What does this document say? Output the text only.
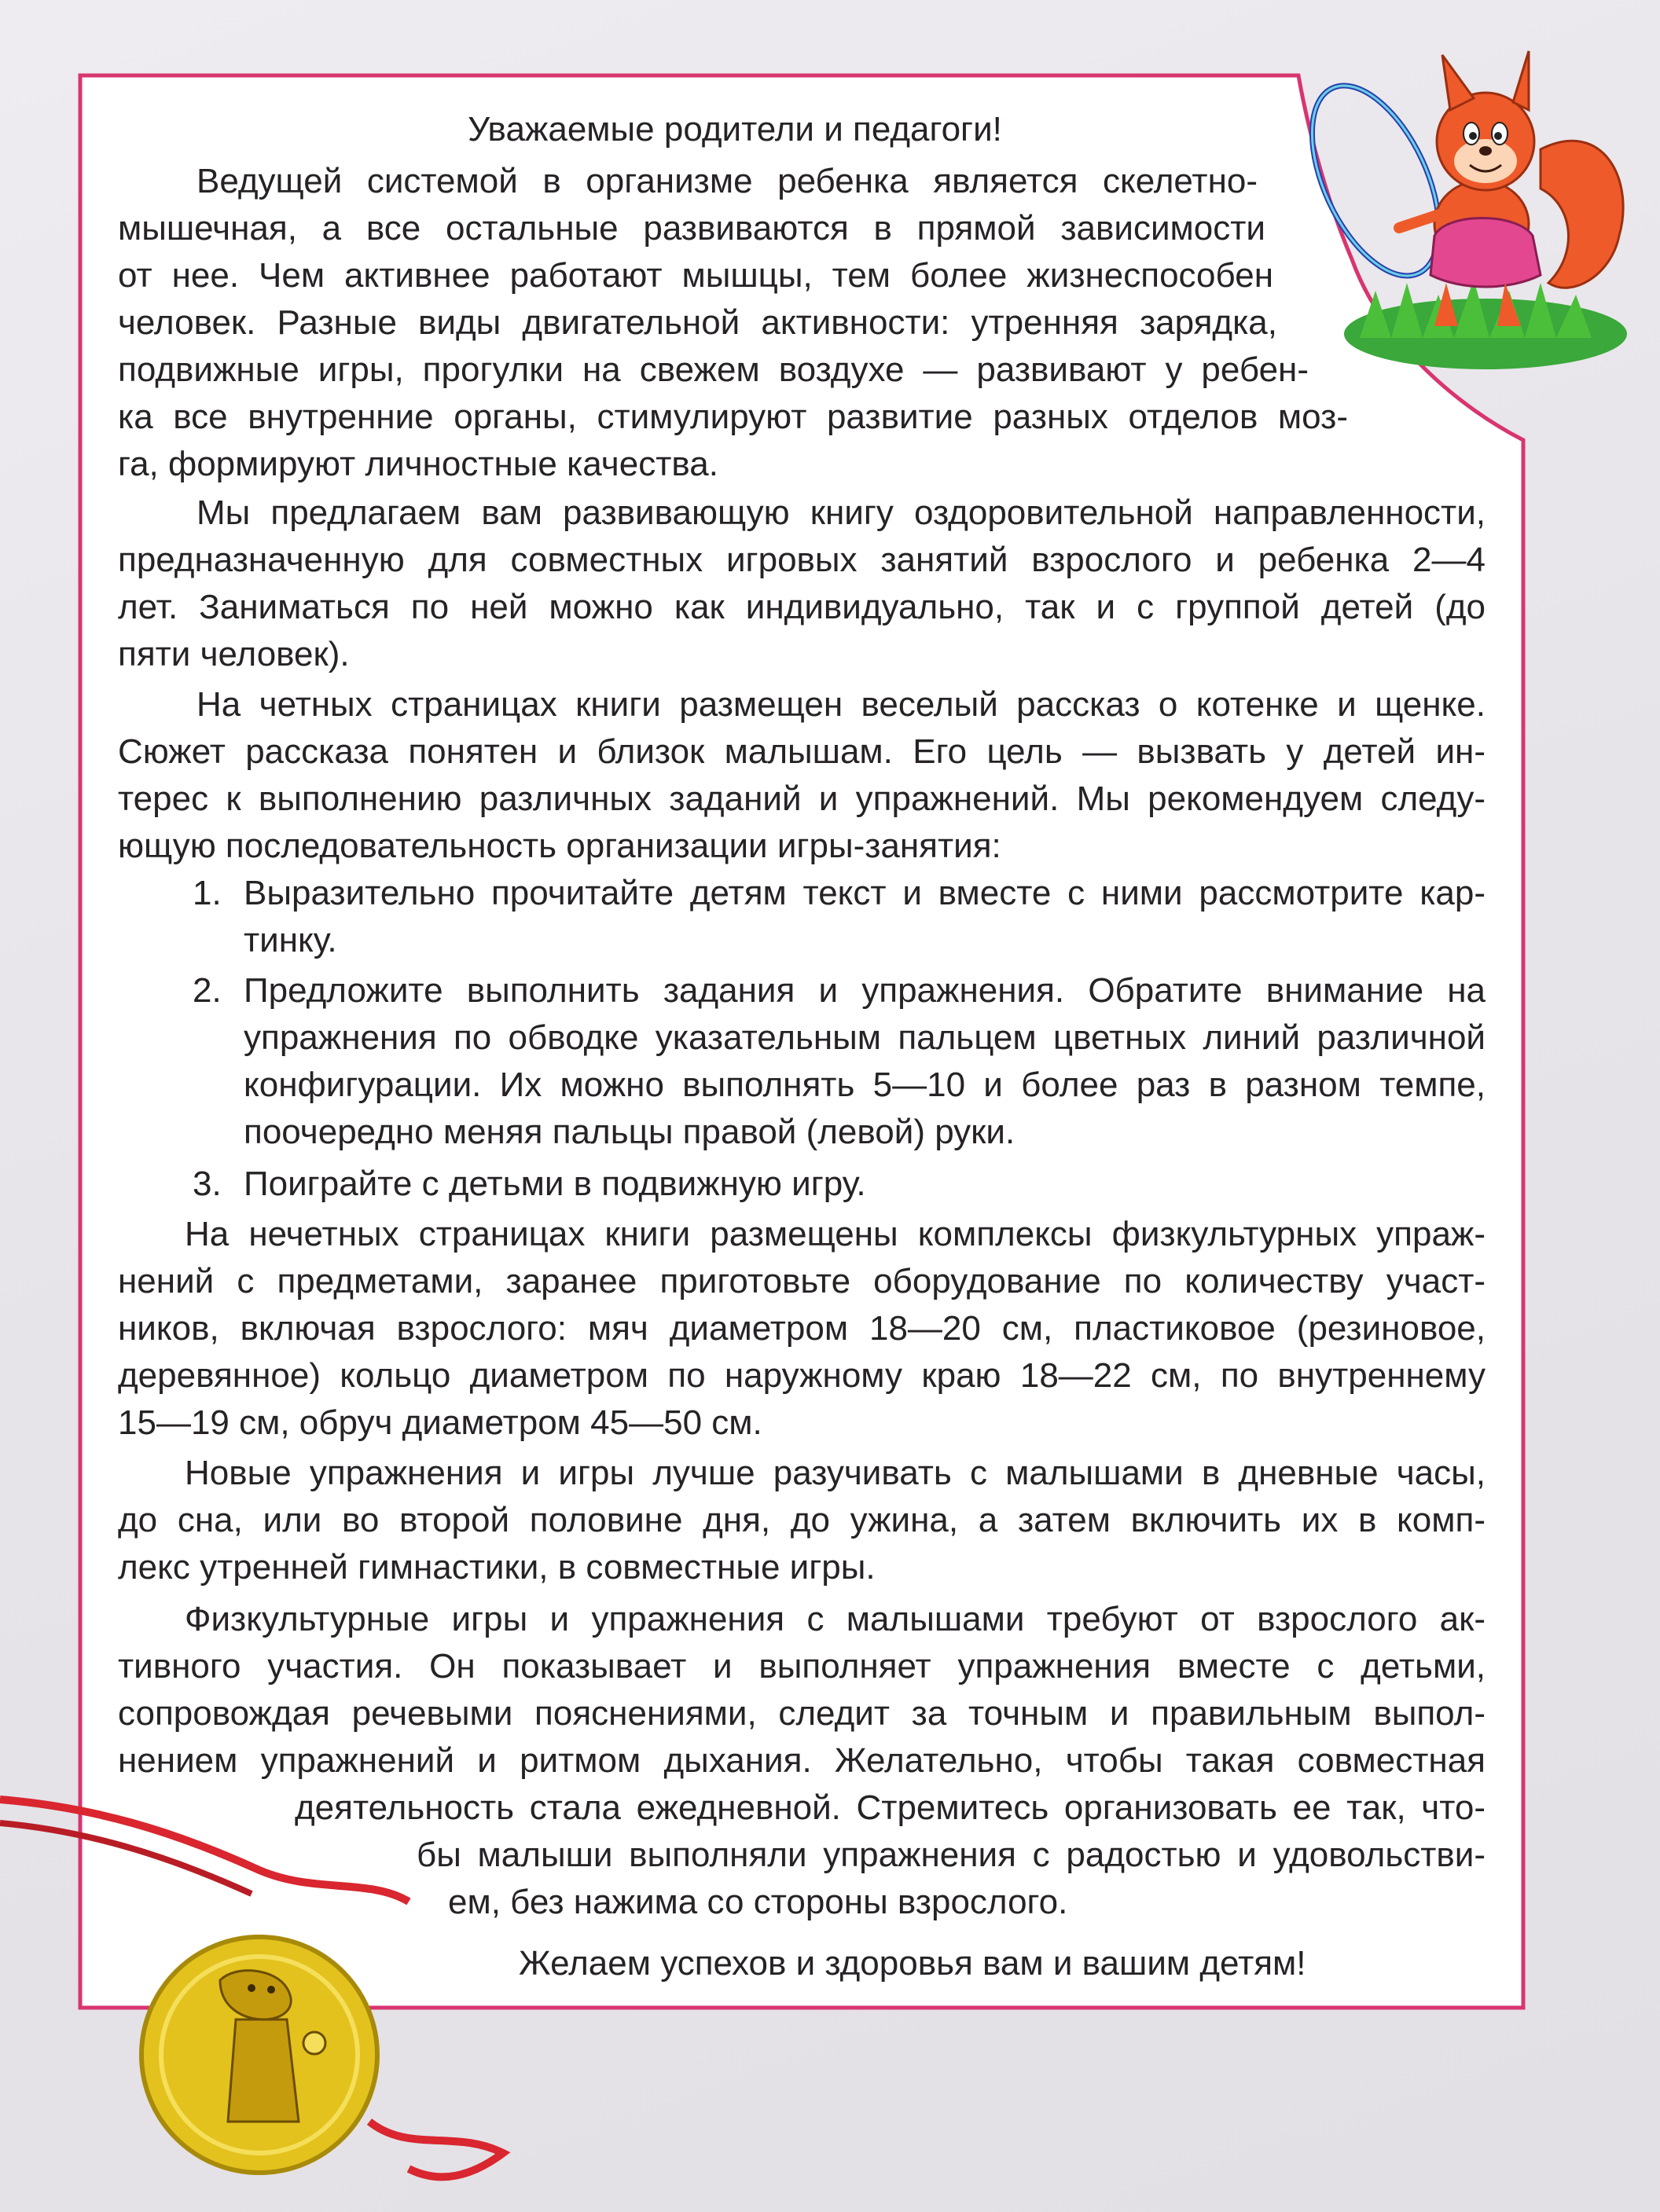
Ведущей системой в организме ребенка является скелетно-
мышечная, а все остальные развиваются в прямой зависимости
от нее. Чем активнее работают мышцы, тем более жизнеспособен
человек. Разные виды двигательной активности: утренняя зарядка,
подвижные игры, прогулки на свежем воздухе — развивают у ребен-
ка все внутренние органы, стимулируют развитие разных отделов моз-
га, формируют личностные качества.
Мы предлагаем вам развивающую книгу оздоровительной направленности,
предназначенную для совместных игровых занятий взрослого и ребенка 2—4
лет. Заниматься по ней можно как индивидуально, так и с группой детей (до
пяти человек).
На четных страницах книги размещен веселый рассказ о котенке и щенке.
Сюжет рассказа понятен и близок малышам. Его цель — вызвать у детей ин-
терес к выполнению различных заданий и упражнений. Мы рекомендуем следу-
ющую последовательность организации игры-занятия:
1. Выразительно прочитайте детям текст и вместе с ними рассмотрите кар-
тинку.
2. Предложите выполнить задания и упражнения. Обратите внимание на
упражнения по обводке указательным пальцем цветных линий различной
конфигурации. Их можно выполнять 5—10 и более раз в разном темпе,
поочередно меняя пальцы правой (левой) руки.
3. Поиграйте с детьми в подвижную игру.
На нечетных страницах книги размещены комплексы физкультурных упраж-
нений с предметами, заранее приготовьте оборудование по количеству участ-
ников, включая взрослого: мяч диаметром 18—20 см, пластиковое (резиновое,
деревянное) кольцо диаметром по наружному краю 18—22 см, по внутреннему
15—19 см, обруч диаметром 45—50 см.
Новые упражнения и игры лучше разучивать с малышами в дневные часы,
до сна, или во второй половине дня, до ужина, а затем включить их в комп-
лекс утренней гимнастики, в совместные игры.
Физкультурные игры и упражнения с малышами требуют от взрослого ак-
тивного участия. Он показывает и выполняет упражнения вместе с детьми,
сопровождая речевыми пояснениями, следит за точным и правильным выпол-
нением упражнений и ритмом дыхания. Желательно, чтобы такая совместная
деятельность стала ежедневной. Стремитесь организовать ее так, что-
бы малыши выполняли упражнения с радостью и удовольстви-
ем, без нажима со стороны взрослого.
Уважаемые родители и педагоги!
Желаем успехов и здоровья вам и вашим детям!
